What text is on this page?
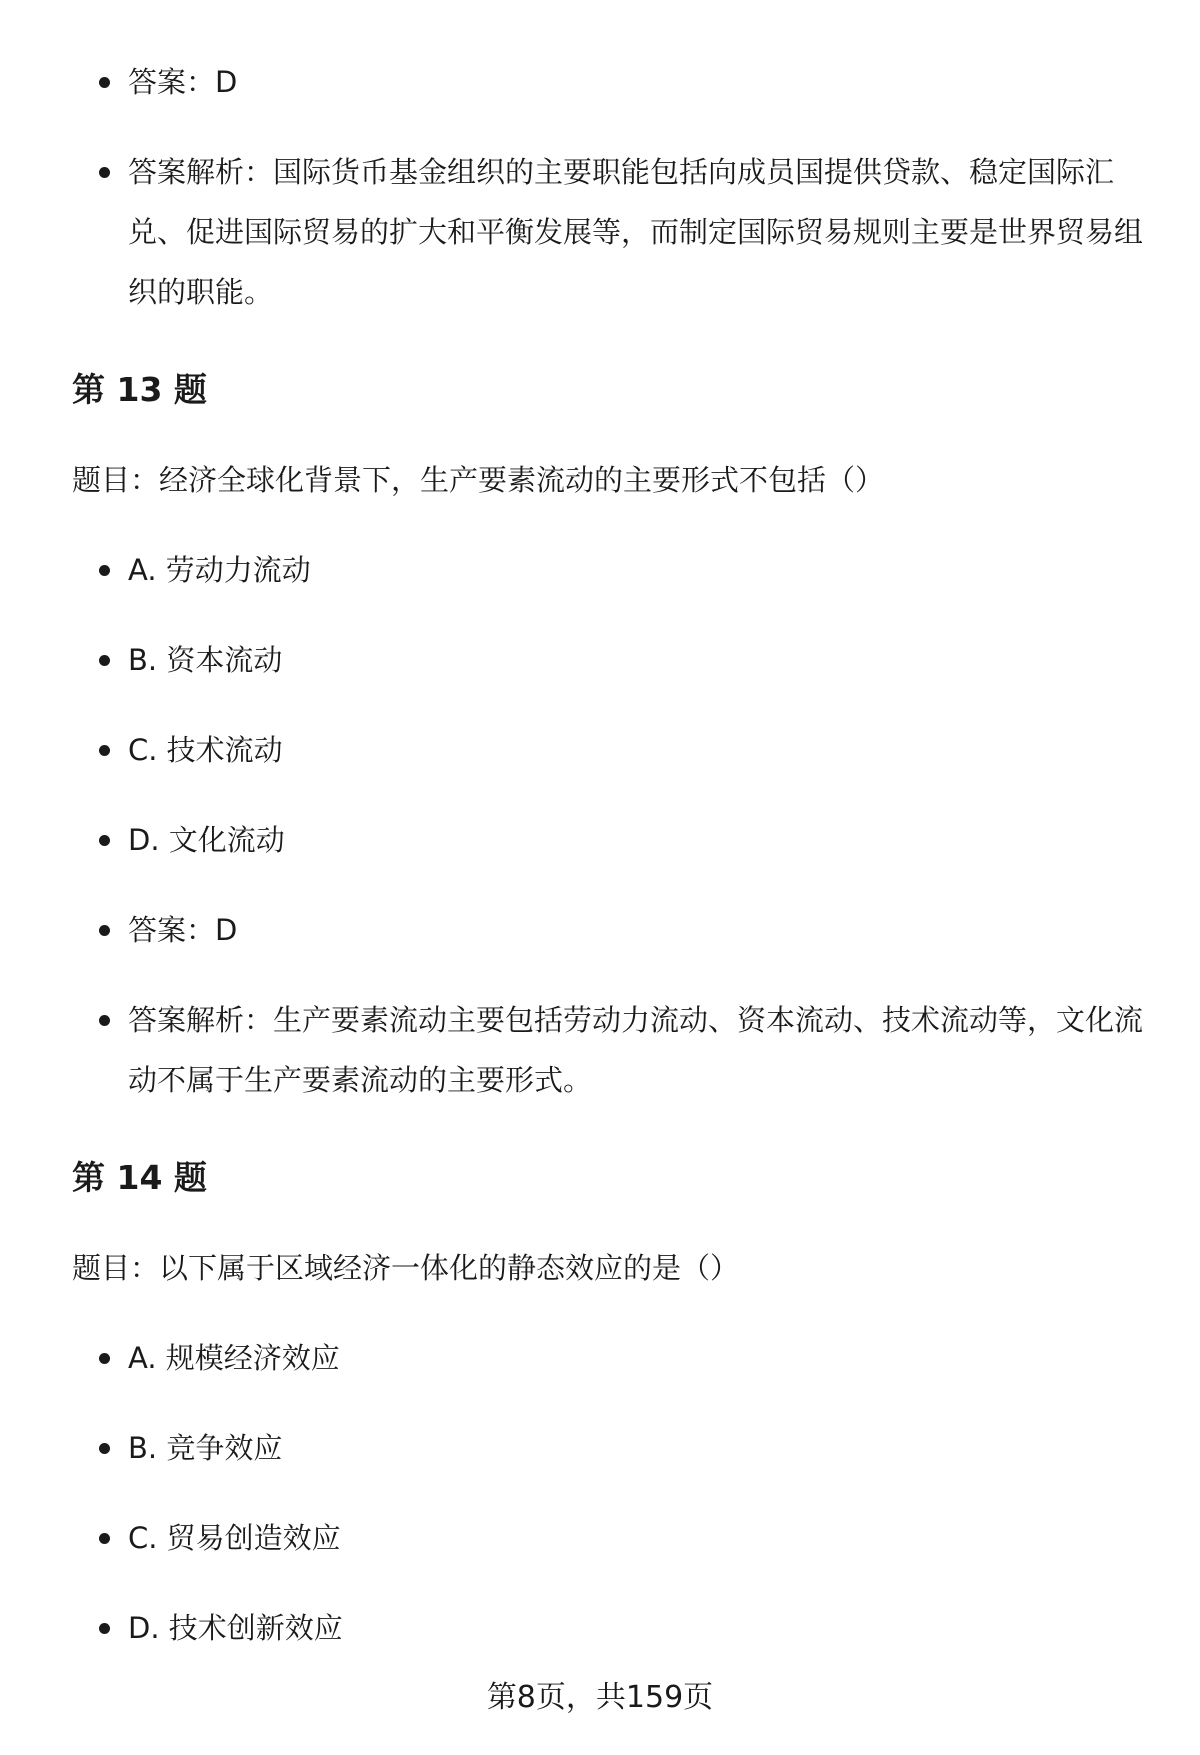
答案：D
答案解析：国际货币基金组织的主要职能包括向成员国提供贷款、稳定国际汇兑、促进国际贸易的扩大和平衡发展等，而制定国际贸易规则主要是世界贸易组织的职能。
第 13 题

题目：经济全球化背景下，生产要素流动的主要形式不包括（）

A. 劳动力流动
B. 资本流动
C. 技术流动
D. 文化流动
答案：D
答案解析：生产要素流动主要包括劳动力流动、资本流动、技术流动等，文化流动不属于生产要素流动的主要形式。
第 14 题

题目：以下属于区域经济一体化的静态效应的是（）

A. 规模经济效应
B. 竞争效应
C. 贸易创造效应
D. 技术创新效应
第8页，共159页
